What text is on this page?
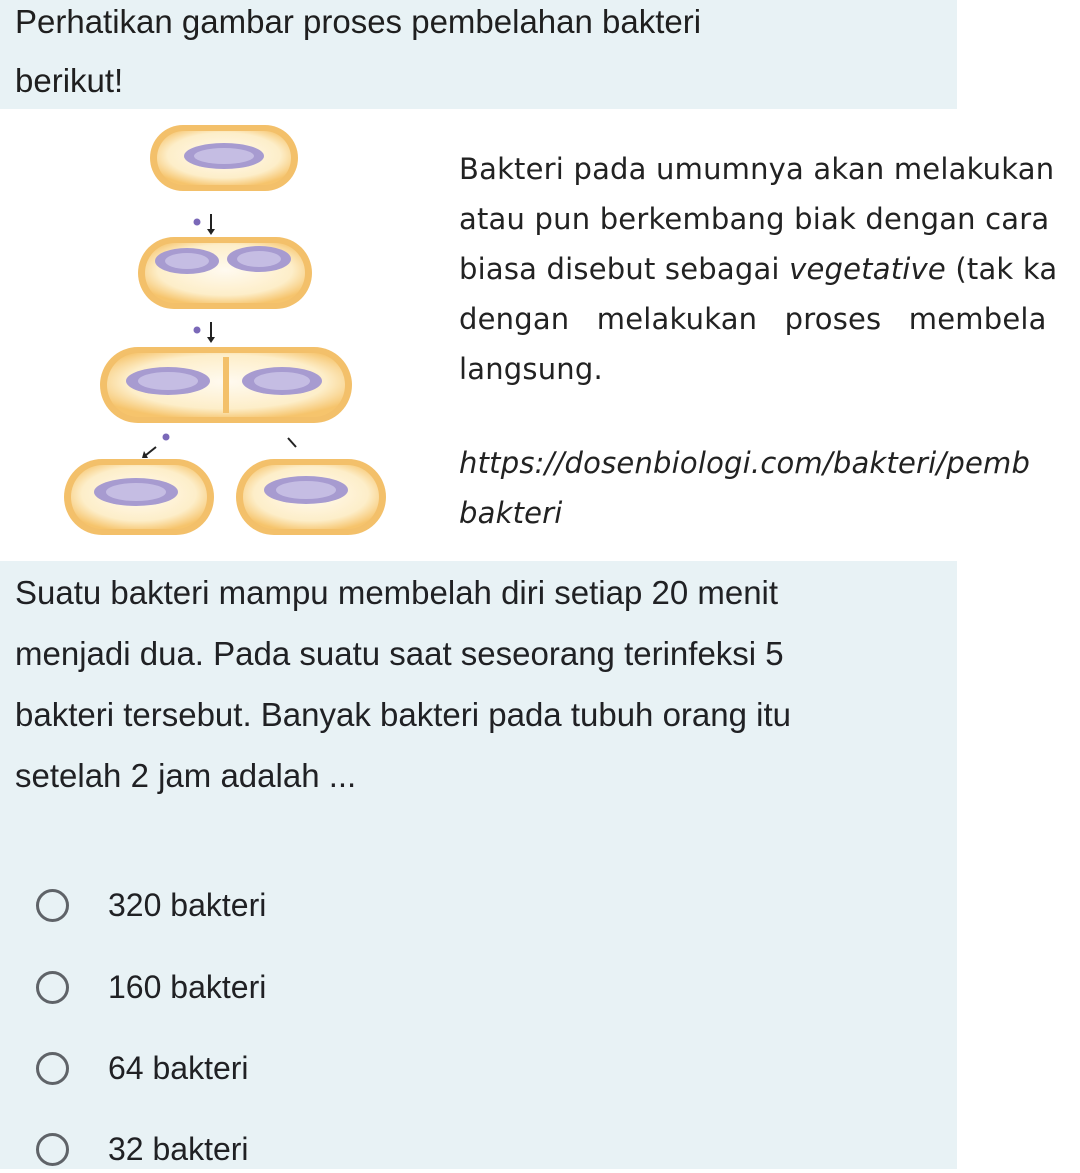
Perhatikan gambar proses pembelahan bakteri

berikut!

Bakteri pada umumnya akan melakukan

atau pun berkembang biak dengan cara

biasa disebut sebagai vegetative (tak ka

dengan melakukan proses membela

langsung.

https://dosenbiologi.com/bakteri/pemb

bakteri

Suatu bakteri mampu membelah diri setiap 20 menit

menjadi dua. Pada suatu saat seseorang terinfeksi 5

bakteri tersebut. Banyak bakteri pada tubuh orang itu

setelah 2 jam adalah ...

320 bakteri
160 bakteri
64 bakteri
32 bakteri
